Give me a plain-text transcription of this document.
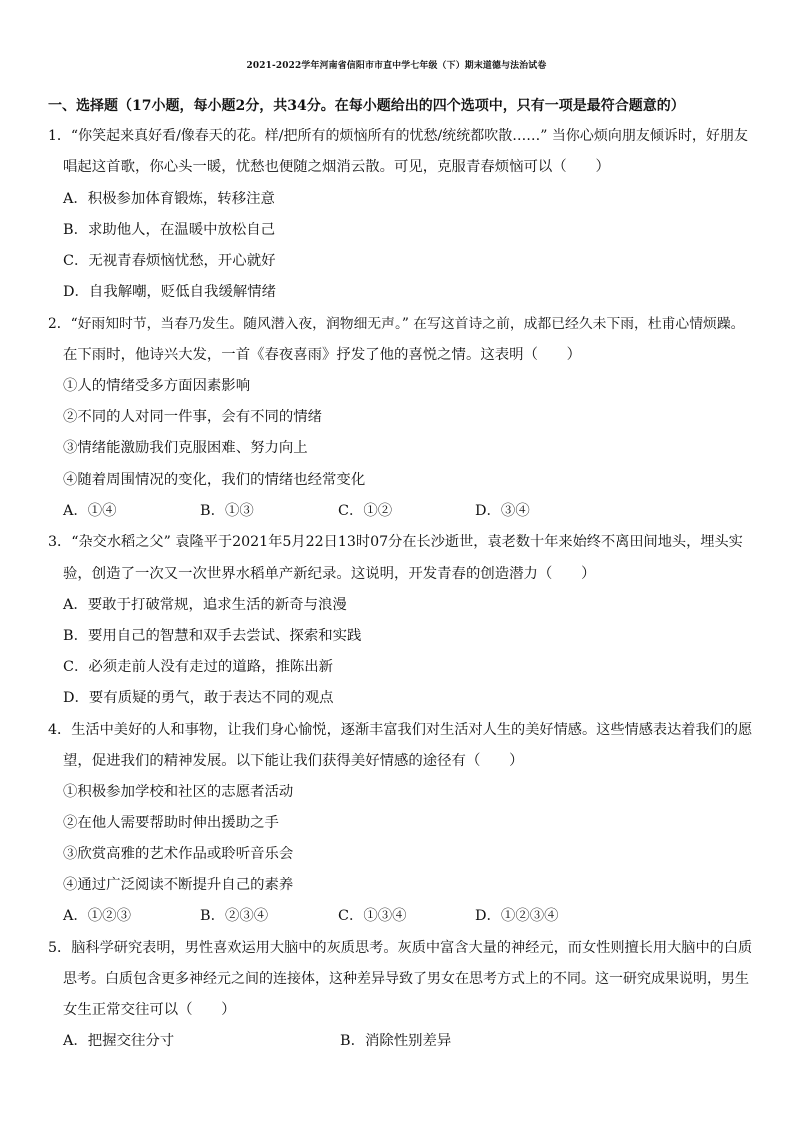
2021-2022学年河南省信阳市市直中学七年级（下）期末道德与法治试卷
一、选择题（17小题，每小题2分，共34分。在每小题给出的四个选项中，只有一项是最符合题意的）
1．“你笑起来真好看/像春天的花。样/把所有的烦恼所有的忧愁/统统都吹散……” 当你心烦向朋友倾诉时，好朋友
唱起这首歌，你心头一暖，忧愁也便随之烟消云散。可见，克服青春烦恼可以（　　）
A．积极参加体育锻炼，转移注意
B．求助他人，在温暖中放松自己
C．无视青春烦恼忧愁，开心就好
D．自我解嘲，贬低自我缓解情绪
2．“好雨知时节，当春乃发生。随风潜入夜，润物细无声。” 在写这首诗之前，成都已经久未下雨，杜甫心情烦躁。
在下雨时，他诗兴大发，一首《春夜喜雨》抒发了他的喜悦之情。这表明（　　）
①人的情绪受多方面因素影响
②不同的人对同一件事，会有不同的情绪
③情绪能激励我们克服困难、努力向上
④随着周围情况的变化，我们的情绪也经常变化
A．①④	B．①③	C．①②	D．③④
3．“杂交水稻之父” 袁隆平于2021年5月22日13时07分在长沙逝世，袁老数十年来始终不离田间地头，埋头实
验，创造了一次又一次世界水稻单产新纪录。这说明，开发青春的创造潜力（　　）
A．要敢于打破常规，追求生活的新奇与浪漫
B．要用自己的智慧和双手去尝试、探索和实践
C．必须走前人没有走过的道路，推陈出新
D．要有质疑的勇气，敢于表达不同的观点
4．生活中美好的人和事物，让我们身心愉悦，逐渐丰富我们对生活对人生的美好情感。这些情感表达着我们的愿
望，促进我们的精神发展。以下能让我们获得美好情感的途径有（　　）
①积极参加学校和社区的志愿者活动
②在他人需要帮助时伸出援助之手
③欣赏高雅的艺术作品或聆听音乐会
④通过广泛阅读不断提升自己的素养
A．①②③	B．②③④	C．①③④	D．①②③④
5．脑科学研究表明，男性喜欢运用大脑中的灰质思考。灰质中富含大量的神经元，而女性则擅长用大脑中的白质
思考。白质包含更多神经元之间的连接体，这种差异导致了男女在思考方式上的不同。这一研究成果说明，男生
女生正常交往可以（　　）
A．把握交往分寸	B．消除性别差异
